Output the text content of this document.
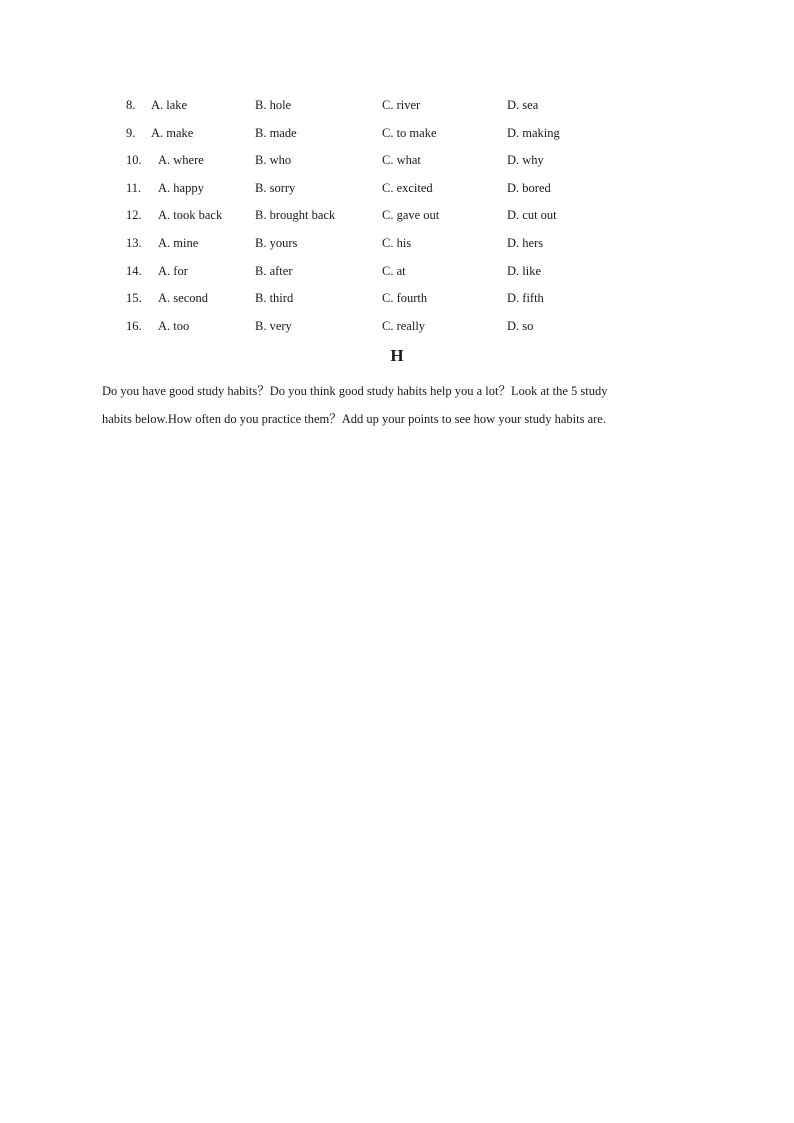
8. A. lake	B. hole	C. river	D. sea
9. A. make	B. made	C. to make	D. making
10. A. where	B. who	C. what	D. why
11. A. happy	B. sorry	C. excited	D. bored
12. A. took back	B. brought back	C. gave out	D. cut out
13. A. mine	B. yours	C. his	D. hers
14. A. for	B. after	C. at	D. like
15. A. second	B. third	C. fourth	D. fifth
16. A. too	B. very	C. really	D. so
H

Do you have good study habits？Do you think good study habits help you a lot？Look at the 5 study

habits below.How often do you practice them？Add up your points to see how your study habits are.
